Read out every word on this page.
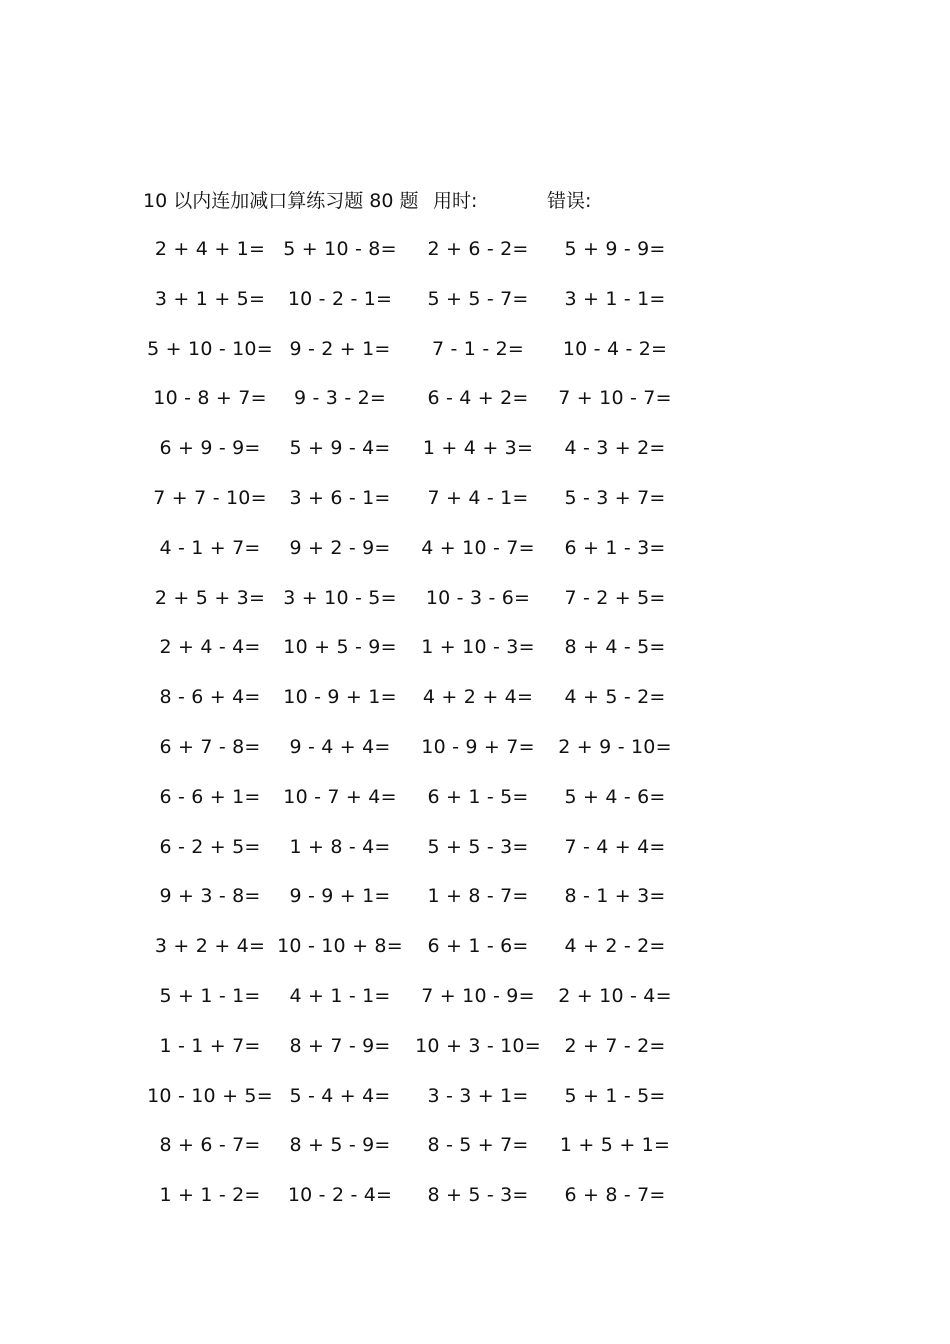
10 以内连加减口算练习题 80 题 用时:	错误:
2 + 4 + 1= 5 + 10 - 8=	2 + 6 - 2=	5 + 9 - 9=
3 + 1 + 5=	10 - 2 - 1=	5 + 5 - 7=	3 + 1 - 1=
5 + 10 - 10= 9 - 2 + 1=	7 - 1 - 2=	10 - 4 - 2=
10 - 8 + 7=	9 - 3 - 2=	6 - 4 + 2=	7 + 10 - 7=
6 + 9 - 9=	5 + 9 - 4=	1 + 4 + 3=	4 - 3 + 2=
7 + 7 - 10=	3 + 6 - 1=	7 + 4 - 1=	5 - 3 + 7=
4 - 1 + 7=	9 + 2 - 9=	4 + 10 - 7=	6 + 1 - 3=
2 + 5 + 3= 3 + 10 - 5=	10 - 3 - 6=	7 - 2 + 5=
2 + 4 - 4=	10 + 5 - 9=	1 + 10 - 3=	8 + 4 - 5=
8 - 6 + 4=	10 - 9 + 1=	4 + 2 + 4=	4 + 5 - 2=
6 + 7 - 8=	9 - 4 + 4=	10 - 9 + 7=	2 + 9 - 10=
6 - 6 + 1=	10 - 7 + 4=	6 + 1 - 5=	5 + 4 - 6=
6 - 2 + 5=	1 + 8 - 4=	5 + 5 - 3=	7 - 4 + 4=
9 + 3 - 8=	9 - 9 + 1=	1 + 8 - 7=	8 - 1 + 3=
3 + 2 + 4= 10 - 10 + 8=	6 + 1 - 6=	4 + 2 - 2=
5 + 1 - 1=	4 + 1 - 1=	7 + 10 - 9=	2 + 10 - 4=
1 - 1 + 7=	8 + 7 - 9=	10 + 3 - 10=	2 + 7 - 2=
10 - 10 + 5= 5 - 4 + 4=	3 - 3 + 1=	5 + 1 - 5=
8 + 6 - 7=	8 + 5 - 9=	8 - 5 + 7=	1 + 5 + 1=
1 + 1 - 2=	10 - 2 - 4=	8 + 5 - 3=	6 + 8 - 7=
